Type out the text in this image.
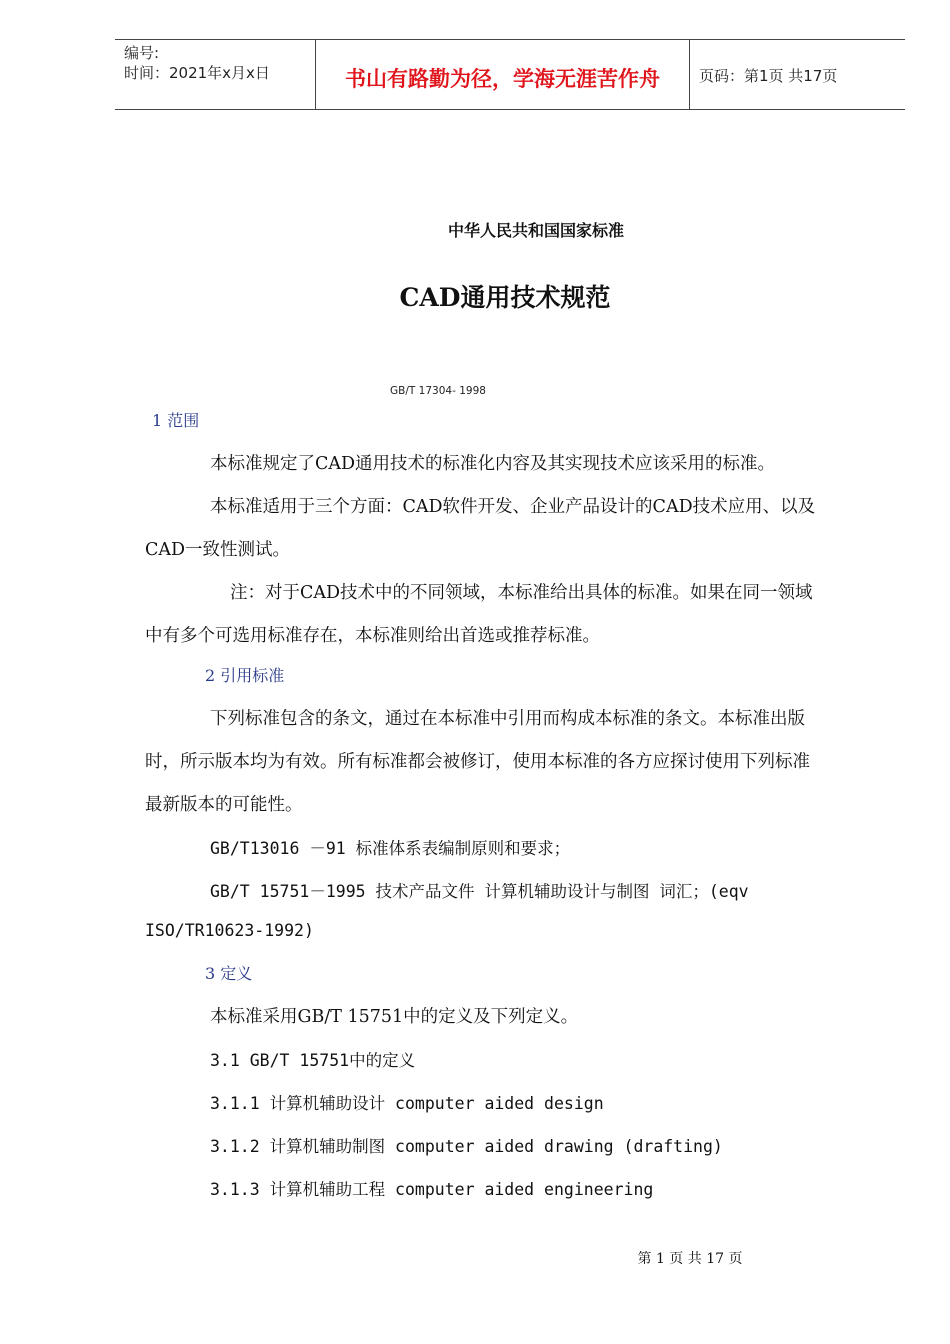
编号:
时间：2021年x月x日	书山有路勤为径，学海无涯苦作舟	页码：第1页 共17页
中华人民共和国国家标准
CAD通用技术规范
GB/T 17304- 1998
1 范围
本标准规定了CAD通用技术的标准化内容及其实现技术应该采用的标准。
本标准适用于三个方面：CAD软件开发、企业产品设计的CAD技术应用、以及
CAD一致性测试。
注：对于CAD技术中的不同领域，本标准给出具体的标准。如果在同一领域
中有多个可选用标准存在，本标准则给出首选或推荐标准。
2 引用标准
下列标准包含的条文，通过在本标准中引用而构成本标准的条文。本标准出版
时，所示版本均为有效。所有标准都会被修订，使用本标准的各方应探讨使用下列标准
最新版本的可能性。
GB/T13016 －91 标准体系表编制原则和要求；
GB/T 15751－1995 技术产品文件 计算机辅助设计与制图 词汇；(eqv
ISO/TR10623-1992)
3 定义
本标准采用GB/T 15751中的定义及下列定义。
3.1 GB/T 15751中的定义
3.1.1 计算机辅助设计 computer aided design
3.1.2 计算机辅助制图 computer aided drawing (drafting)
3.1.3 计算机辅助工程 computer aided engineering
第 1 页 共 17 页
